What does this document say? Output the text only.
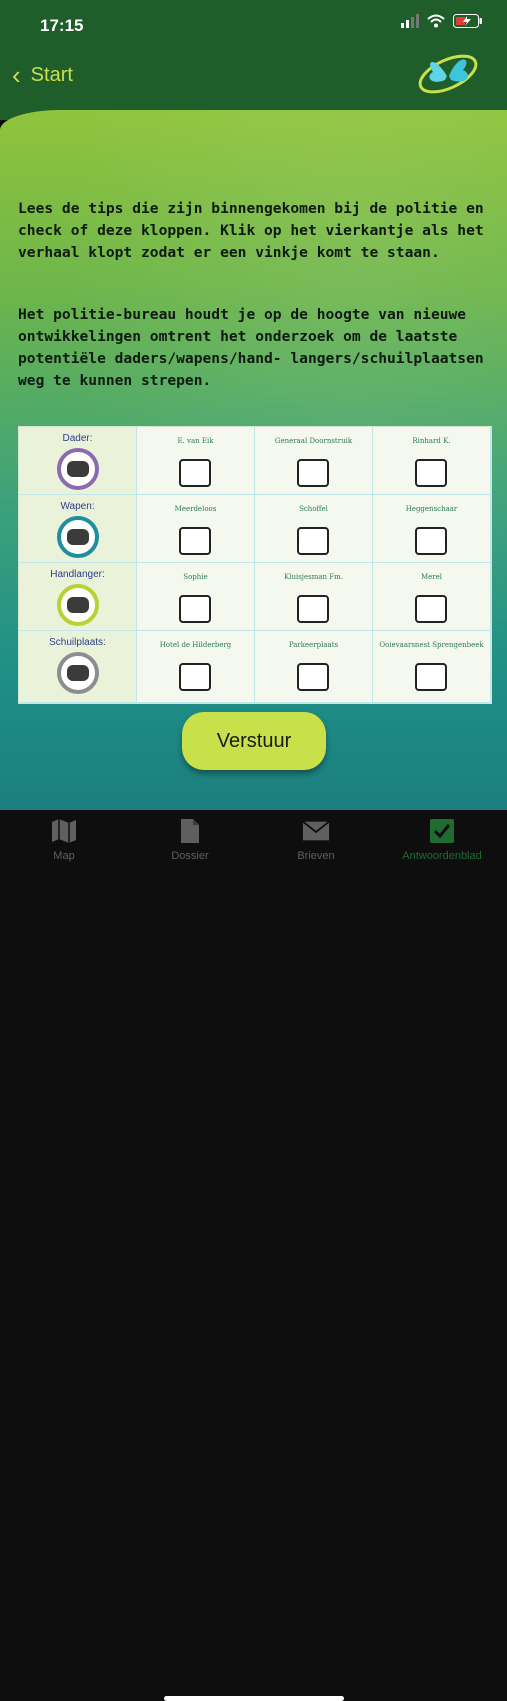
17:15
‹ Start

Lees de tips die zijn binnengekomen bij de politie en check of deze kloppen. Klik op het vierkantje als het verhaal klopt zodat er een vinkje komt te staan.

Het politie-bureau houdt je op de hoogte van nieuwe ontwikkelingen omtrent het onderzoek om de laatste potentiële daders/wapens/hand- langers/schuilplaatsen weg te kunnen strepen.

Dader:	E. van Eik	Generaal Doornstruik	Rinhard K.
Wapen:	Meerdeloos	Schoffel	Heggenschaar
Handlanger:	Sophie	Kluisjesman Fm.	Merel
Schuilplaats:	Hotel de Hilderberg	Parkeerplaats	Ooievaarsnest Sprengenbeek
Verstuur
Map	Dossier	Brieven	Antwoordenblad
